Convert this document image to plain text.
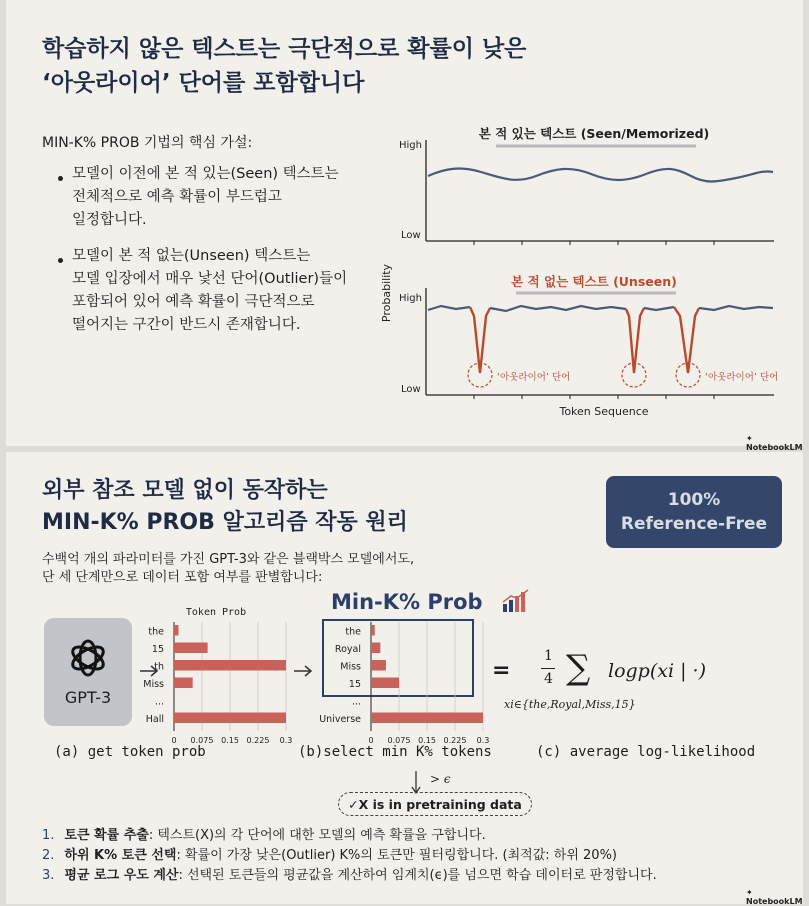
학습하지 않은 텍스트는 극단적으로 확률이 낮은
‘아웃라이어’ 단어를 포함합니다
MIN-K% PROB 기법의 핵심 가설:
모델이 이전에 본 적 있는(Seen) 텍스트는
전체적으로 예측 확률이 부드럽고
일정합니다.
모델이 본 적 없는(Unseen) 텍스트는
모델 입장에서 매우 낯선 단어(Outlier)들이
포함되어 있어 예측 확률이 극단적으로
떨어지는 구간이 반드시 존재합니다.
본 적 있는 텍스트 (Seen/Memorized)
High
Low
Probability	본 적 없는 텍스트 (Unseen)
High
Low
‘아웃라이어’ 단어	‘아웃라이어’ 단어
Token Sequence
✦ NotebookLM
외부 참조 모델 없이 동작하는
MIN-K% PROB 알고리즘 작동 원리
100%
Reference-Free
수백억 개의 파라미터를 가진 GPT-3와 같은 블랙박스 모델에서도,
단 세 단계만으로 데이터 포함 여부를 판별합니다:
GPT-3
Token Prob
0 0.075 0.15 0.225 0.3
the
15
th
Miss
...
Hall
Min-K% Prob
0 0.075 0.15 0.225 0.3
the
Royal
Miss
15
...
Universe
=
1
4 ∑ logp(xi | ·)
xi∈{the,Royal,Miss,15}
(a) get token prob	(b)select min K% tokens	(c) average log-likelihood
> ϵ
✓X is in pretraining data
1. 토큰 확률 추출: 텍스트(X)의 각 단어에 대한 모델의 예측 확률을 구합니다.
2. 하위 K% 토큰 선택: 확률이 가장 낮은(Outlier) K%의 토큰만 필터링합니다. (최적값: 하위 20%)
3. 평균 로그 우도 계산: 선택된 토큰들의 평균값을 계산하여 임계치(ϵ)를 넘으면 학습 데이터로 판정합니다.
✦ NotebookLM
